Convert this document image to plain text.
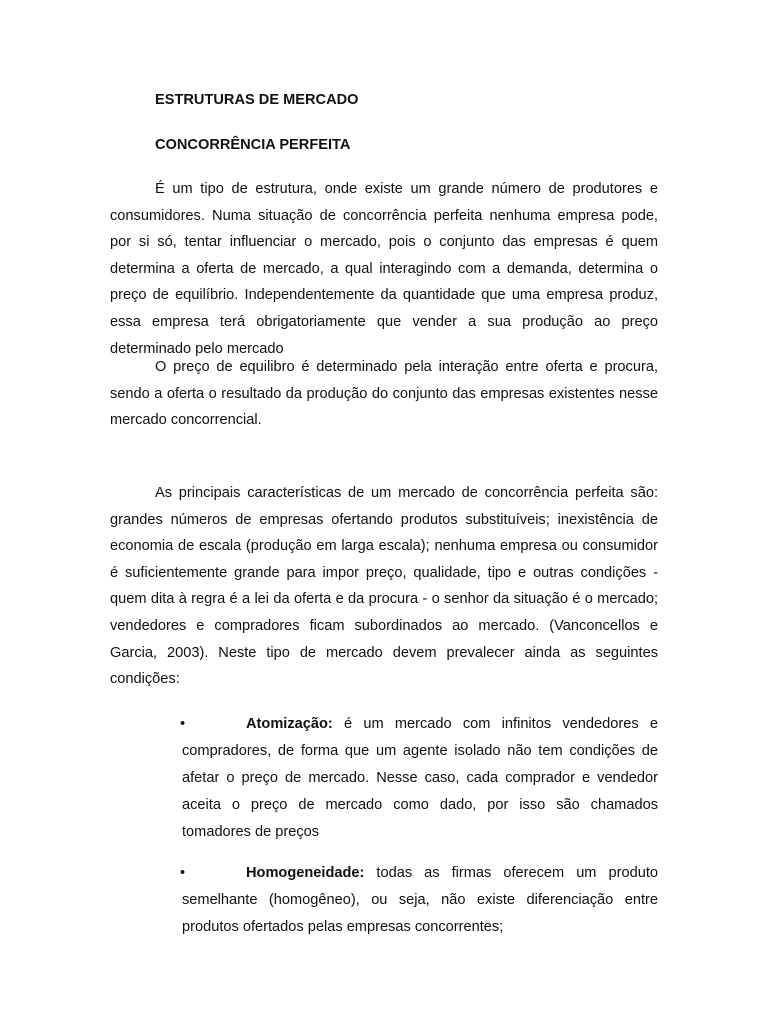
ESTRUTURAS DE MERCADO

CONCORRÊNCIA PERFEITA

É um tipo de estrutura, onde existe um grande número de produtores e consumidores. Numa situação de concorrência perfeita nenhuma empresa pode, por si só, tentar influenciar o mercado, pois o conjunto das empresas é quem determina a oferta de mercado, a qual interagindo com a demanda, determina o preço de equilíbrio. Independentemente da quantidade que uma empresa produz, essa empresa terá obrigatoriamente que vender a sua produção ao preço determinado pelo mercado

O preço de equilibro é determinado pela interação entre oferta e procura, sendo a oferta o resultado da produção do conjunto das empresas existentes nesse mercado concorrencial.

As principais características de um mercado de concorrência perfeita são: grandes números de empresas ofertando produtos substituíveis; inexistência de economia de escala (produção em larga escala); nenhuma empresa ou consumidor é suficientemente grande para impor preço, qualidade, tipo e outras condições - quem dita à regra é a lei da oferta e da procura - o senhor da situação é o mercado; vendedores e compradores ficam subordinados ao mercado. (Vanconcellos e Garcia, 2003). Neste tipo de mercado devem prevalecer ainda as seguintes condições:

•	Atomização: é um mercado com infinitos vendedores e compradores, de forma que um agente isolado não tem condições de afetar o preço de mercado. Nesse caso, cada comprador e vendedor aceita o preço de mercado como dado, por isso são chamados tomadores de preços
•	Homogeneidade: todas as firmas oferecem um produto semelhante (homogêneo), ou seja, não existe diferenciação entre produtos ofertados pelas empresas concorrentes;
